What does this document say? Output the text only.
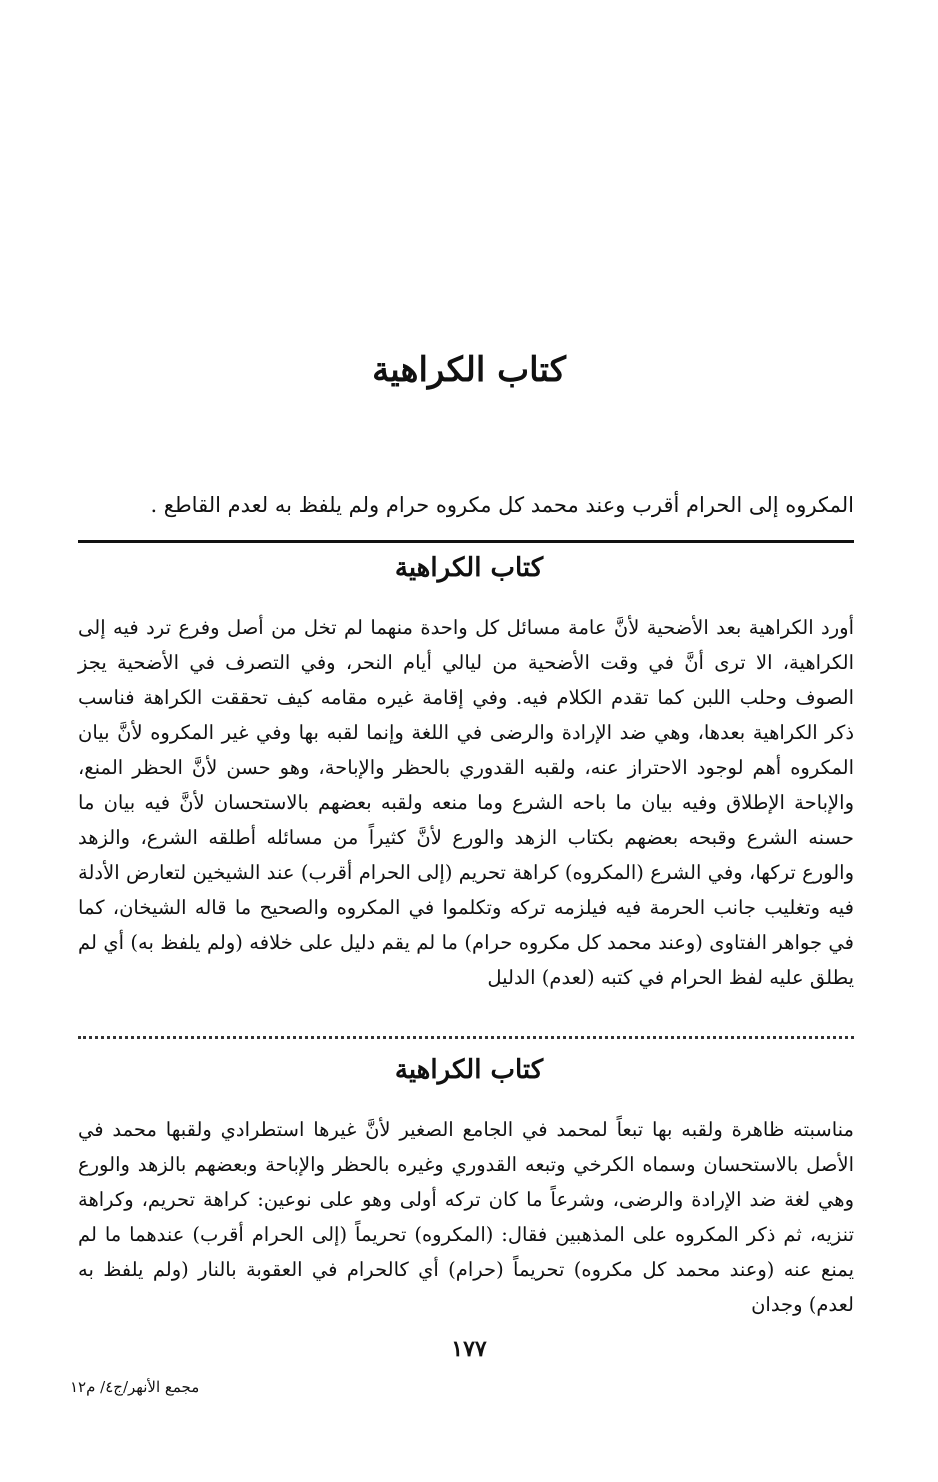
كتاب الكراهية
المكروه إلى الحرام أقرب وعند محمد كل مكروه حرام ولم يلفظ به لعدم القاطع .
كتاب الكراهية
أورد الكراهية بعد الأضحية لأنَّ عامة مسائل كل واحدة منهما لم تخل من أصل وفرع ترد فيه إلى الكراهية، الا ترى أنَّ في وقت الأضحية من ليالي أيام النحر، وفي التصرف في الأضحية يجز الصوف وحلب اللبن كما تقدم الكلام فيه. وفي إقامة غيره مقامه كيف تحققت الكراهة فناسب ذكر الكراهية بعدها، وهي ضد الإرادة والرضى في اللغة وإنما لقبه بها وفي غير المكروه لأنَّ بيان المكروه أهم لوجود الاحتراز عنه، ولقبه القدوري بالحظر والإباحة، وهو حسن لأنَّ الحظر المنع، والإباحة الإطلاق وفيه بيان ما باحه الشرع وما منعه ولقبه بعضهم بالاستحسان لأنَّ فيه بيان ما حسنه الشرع وقبحه بعضهم بكتاب الزهد والورع لأنَّ كثيراً من مسائله أطلقه الشرع، والزهد والورع تركها، وفي الشرع (المكروه) كراهة تحريم (إلى الحرام أقرب) عند الشيخين لتعارض الأدلة فيه وتغليب جانب الحرمة فيه فيلزمه تركه وتكلموا في المكروه والصحيح ما قاله الشيخان، كما في جواهر الفتاوى (وعند محمد كل مكروه حرام) ما لم يقم دليل على خلافه (ولم يلفظ به) أي لم يطلق عليه لفظ الحرام في كتبه (لعدم) الدليل
كتاب الكراهية
مناسبته ظاهرة ولقبه بها تبعاً لمحمد في الجامع الصغير لأنَّ غيرها استطرادي ولقبها محمد في الأصل بالاستحسان وسماه الكرخي وتبعه القدوري وغيره بالحظر والإباحة وبعضهم بالزهد والورع وهي لغة ضد الإرادة والرضى، وشرعاً ما كان تركه أولى وهو على نوعين: كراهة تحريم، وكراهة تنزيه، ثم ذكر المكروه على المذهبين فقال: (المكروه) تحريماً (إلى الحرام أقرب) عندهما ما لم يمنع عنه (وعند محمد كل مكروه) تحريماً (حرام) أي كالحرام في العقوبة بالنار (ولم يلفظ به لعدم) وجدان
١٧٧
مجمع الأنهر/ج٤/ م١٢
